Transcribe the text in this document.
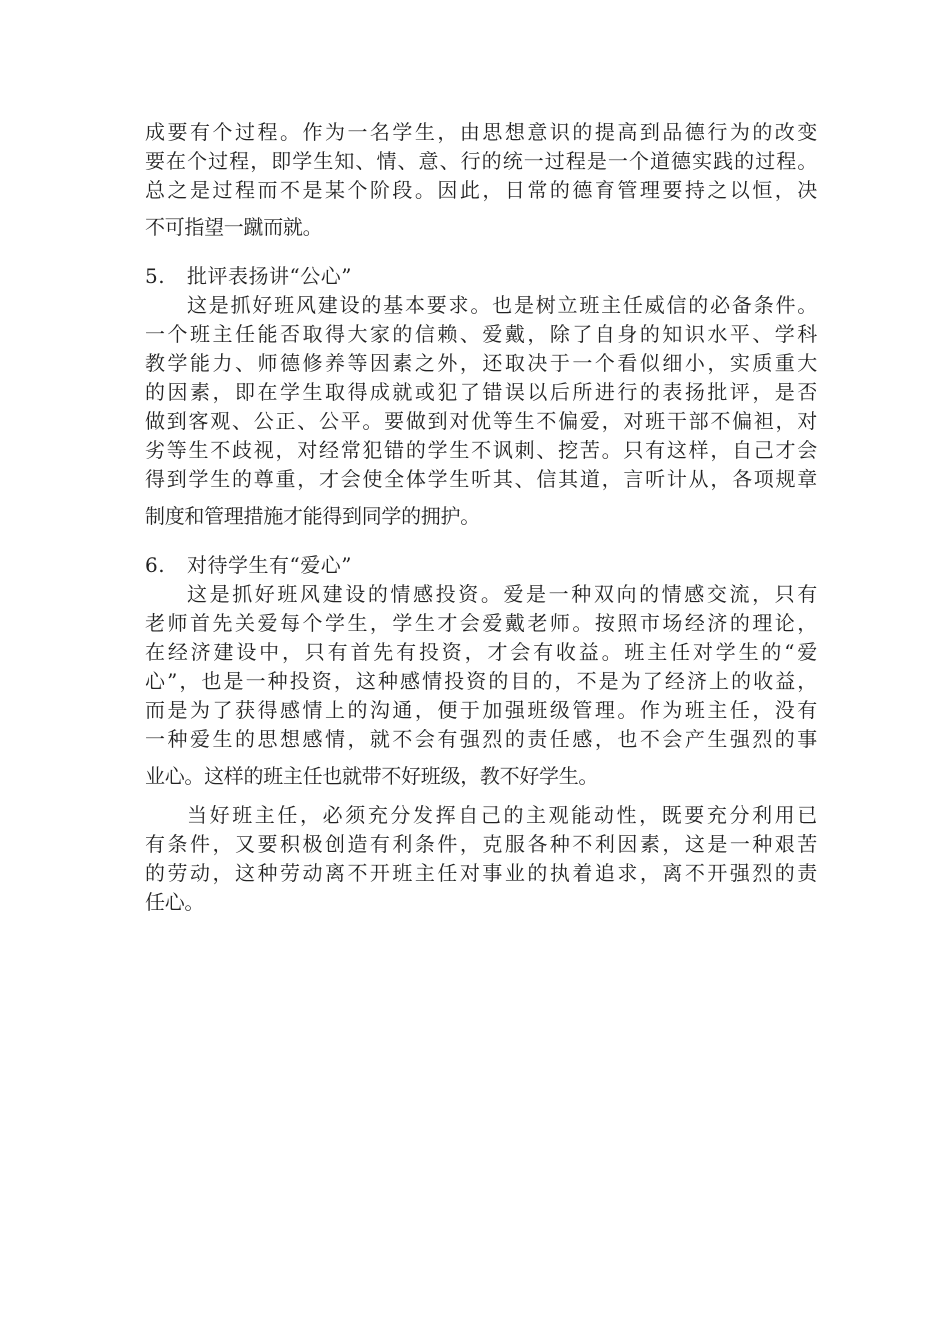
成要有个过程。作为一名学生，由思想意识的提高到品德行为的改变
要在个过程，即学生知、情、意、行的统一过程是一个道德实践的过程。
总之是过程而不是某个阶段。因此，日常的德育管理要持之以恒，决
不可指望一蹴而就。
5. 批评表扬讲“公心”
这是抓好班风建设的基本要求。也是树立班主任威信的必备条件。
一个班主任能否取得大家的信赖、爱戴，除了自身的知识水平、学科
教学能力、师德修养等因素之外，还取决于一个看似细小，实质重大
的因素，即在学生取得成就或犯了错误以后所进行的表扬批评，是否
做到客观、公正、公平。要做到对优等生不偏爱，对班干部不偏袒，对
劣等生不歧视，对经常犯错的学生不讽刺、挖苦。只有这样，自己才会
得到学生的尊重，才会使全体学生听其、信其道，言听计从，各项规章
制度和管理措施才能得到同学的拥护。
6. 对待学生有“爱心”
这是抓好班风建设的情感投资。爱是一种双向的情感交流，只有
老师首先关爱每个学生，学生才会爱戴老师。按照市场经济的理论，
在经济建设中，只有首先有投资，才会有收益。班主任对学生的“爱
心”，也是一种投资，这种感情投资的目的，不是为了经济上的收益，
而是为了获得感情上的沟通，便于加强班级管理。作为班主任，没有
一种爱生的思想感情，就不会有强烈的责任感，也不会产生强烈的事
业心。这样的班主任也就带不好班级，教不好学生。
当好班主任，必须充分发挥自己的主观能动性，既要充分利用已
有条件，又要积极创造有利条件，克服各种不利因素，这是一种艰苦
的劳动，这种劳动离不开班主任对事业的执着追求，离不开强烈的责
任心。
